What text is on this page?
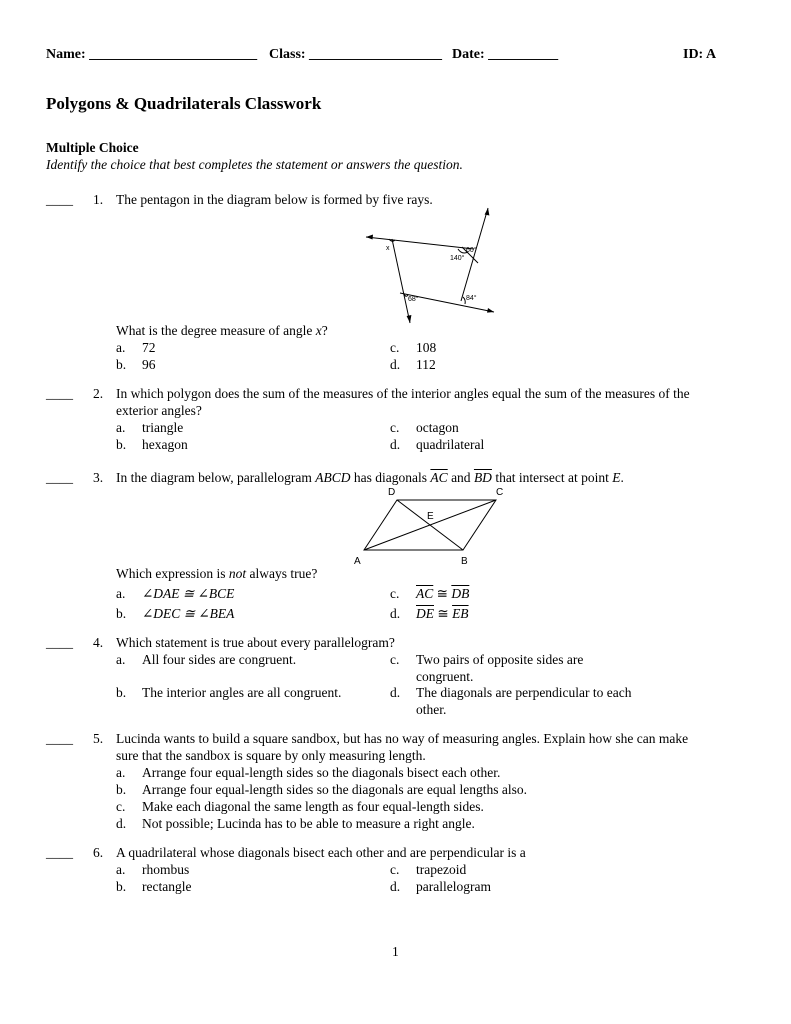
Name: ________________________ Class: ___________________ Date: __________	ID: A
Polygons & Quadrilaterals Classwork
Multiple Choice
Identify the choice that best completes the statement or answers the question.
____ 1. The pentagon in the diagram below is formed by five rays.
x	60°
140°
68°	84°
What is the degree measure of angle x?
a. 72
b. 96
c. 108
d. 112
____ 2. In which polygon does the sum of the measures of the interior angles equal the sum of the measures of the
exterior angles?
a. triangle
b. hexagon
c. octagon
d. quadrilateral
____ 3. In the diagram below, parallelogram ABCD has diagonals $\overline{AC}$ and $\overline{BD}$ that intersect at point E.
A	B
C
D
E
Which expression is not always true?
a. ∠DAE ≅ ∠BCE
b. ∠DEC ≅ ∠BEA
c. $\overline{AC}$ ≅ $\overline{DB}$
d. $\overline{DE}$ ≅ $\overline{EB}$
____ 4. Which statement is true about every parallelogram?
a. All four sides are congruent.
b. The interior angles are all congruent.
c. Two pairs of opposite sides are
congruent.
d. The diagonals are perpendicular to each
other.
____ 5. Lucinda wants to build a square sandbox, but has no way of measuring angles. Explain how she can make
sure that the sandbox is square by only measuring length.
a. Arrange four equal-length sides so the diagonals bisect each other.
b. Arrange four equal-length sides so the diagonals are equal lengths also.
c. Make each diagonal the same length as four equal-length sides.
d. Not possible; Lucinda has to be able to measure a right angle.
____ 6. A quadrilateral whose diagonals bisect each other and are perpendicular is a
a. rhombus
b. rectangle
c. trapezoid
d. parallelogram
1
